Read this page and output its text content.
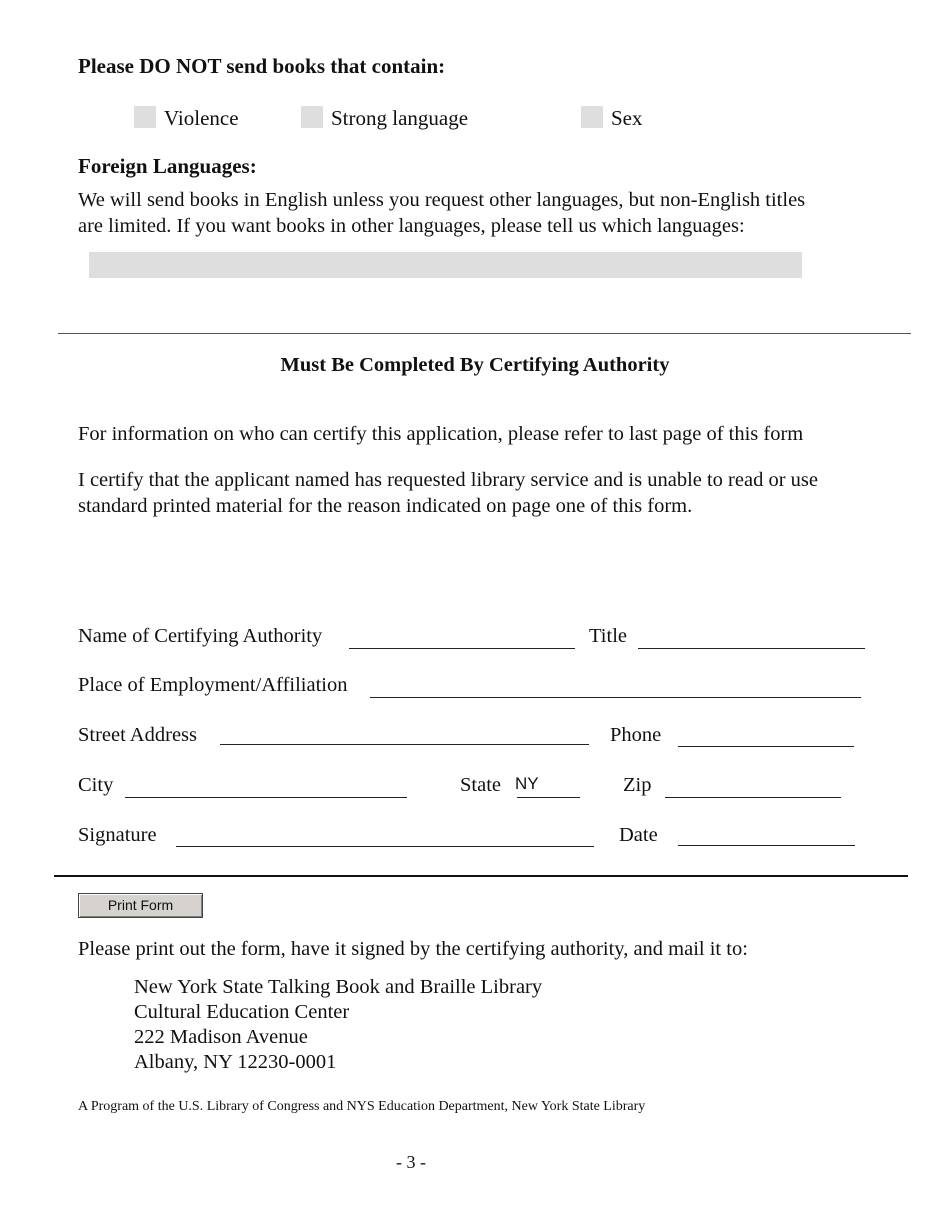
Please DO NOT send books that contain:
Violence	Strong language	Sex
Foreign Languages:
We will send books in English unless you request other languages, but non-English titles
are limited. If you want books in other languages, please tell us which languages:
Must Be Completed By Certifying Authority
For information on who can certify this application, please refer to last page of this form
I certify that the applicant named has requested library service and is unable to read or use
standard printed material for the reason indicated on page one of this form.
Name of Certifying Authority	Title
Place of Employment/Affiliation
Street Address	Phone
City	State NY	Zip
Signature	Date
Print Form
Please print out the form, have it signed by the certifying authority, and mail it to:
New York State Talking Book and Braille Library
Cultural Education Center
222 Madison Avenue
Albany, NY 12230-0001
A Program of the U.S. Library of Congress and NYS Education Department, New York State Library
- 3 -
